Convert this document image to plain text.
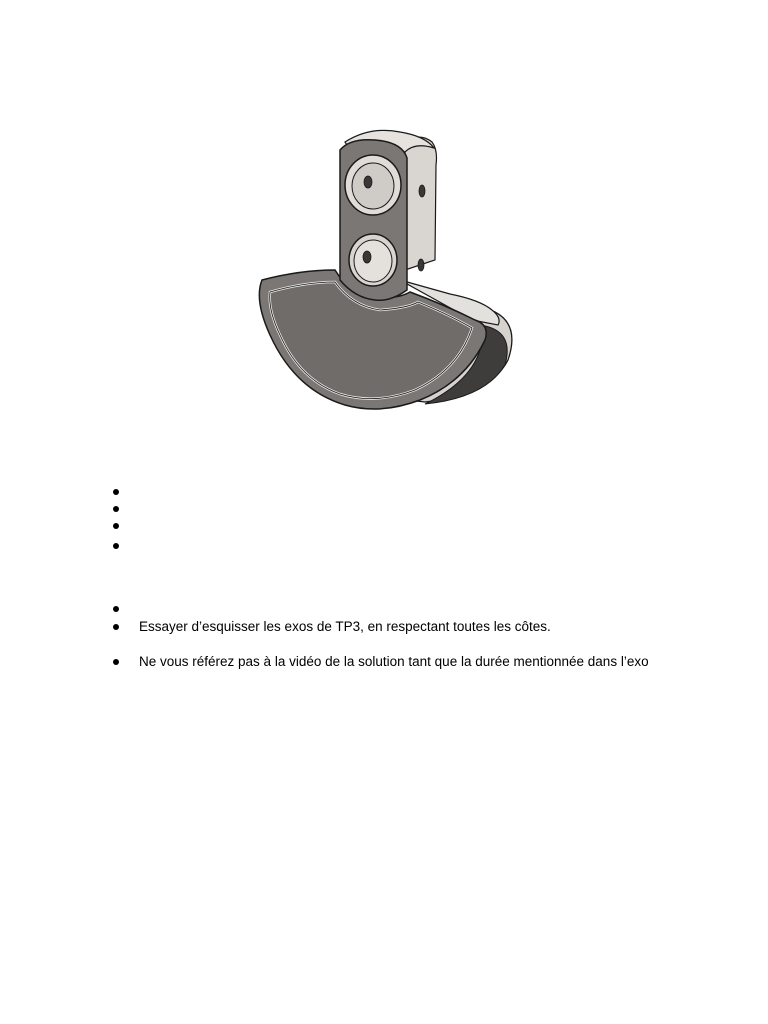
Essayer d’esquisser les exos de TP3, en respectant toutes les côtes.
Ne vous référez pas à la vidéo de la solution tant que la durée mentionnée dans l’exo
